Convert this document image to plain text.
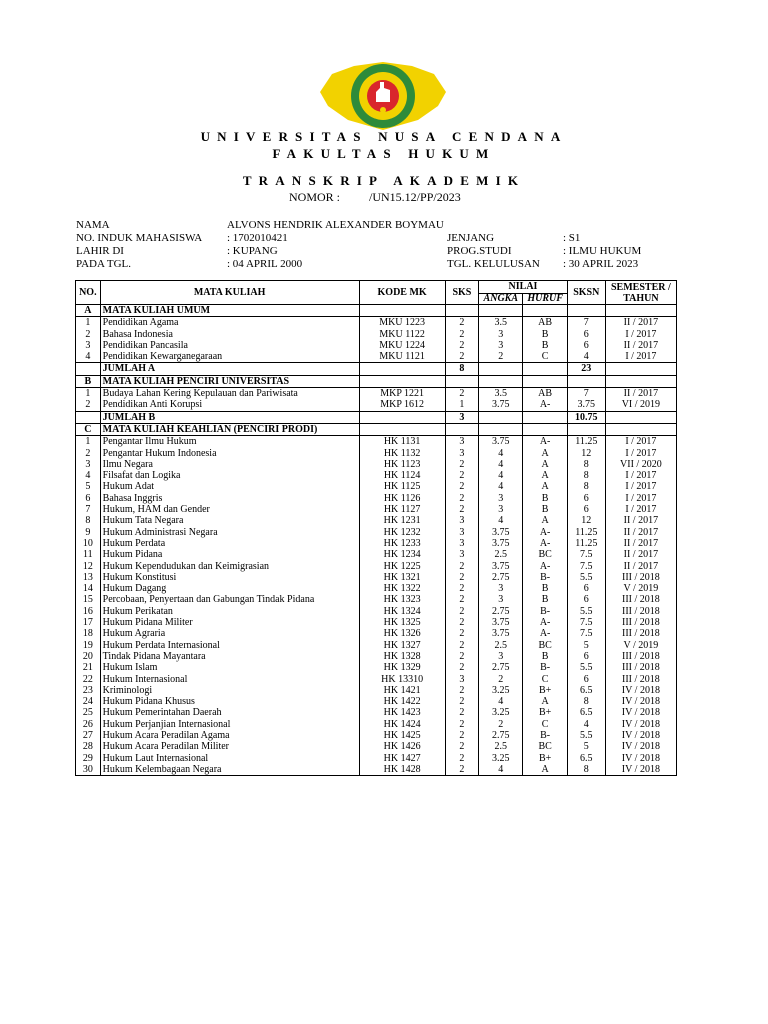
UNIVERSITAS NUSA CENDANA
FAKULTAS HUKUM
TRANSKRIP AKADEMIK
NOMOR : /UN15.12/PP/2023
NAMA	ALVONS HENDRIK ALEXANDER BOYMAU
NO. INDUK MAHASISWA : 1702010421	JENJANG	: S1
LAHIR DI	: KUPANG	PROG.STUDI	: ILMU HUKUM
PADA TGL.	: 04 APRIL 2000	TGL. KELULUSAN : 30 APRIL 2023
NO.	MATA KULIAH	KODE MK	SKS	NILAI		SKSN	SEMESTER / TAHUN
				ANGKA	HURUF		
A	MATA KULIAH UMUM						
1	Pendidikan Agama	MKU 1223	2	3.5	AB	7	II / 2017
2	Bahasa Indonesia	MKU 1122	2	3	B	6	I / 2017
3	Pendidikan Pancasila	MKU 1224	2	3	B	6	II / 2017
4	Pendidikan Kewarganegaraan	MKU 1121	2	2	C	4	I / 2017
	JUMLAH A		8			23	
B	MATA KULIAH PENCIRI UNIVERSITAS						
1	Budaya Lahan Kering Kepulauan dan Pariwisata	MKP 1221	2	3.5	AB	7	II / 2017
2	Pendidikan Anti Korupsi	MKP 1612	1	3.75	A-	3.75	VI / 2019
	JUMLAH B		3			10.75	
C	MATA KULIAH KEAHLIAN (PENCIRI PRODI)						
1	Pengantar Ilmu Hukum	HK 1131	3	3.75	A-	11.25	I / 2017
2	Pengantar Hukum Indonesia	HK 1132	3	4	A	12	I / 2017
3	Ilmu Negara	HK 1123	2	4	A	8	VII / 2020
4	Filsafat dan Logika	HK 1124	2	4	A	8	I / 2017
5	Hukum Adat	HK 1125	2	4	A	8	I / 2017
6	Bahasa Inggris	HK 1126	2	3	B	6	I / 2017
7	Hukum, HAM dan Gender	HK 1127	2	3	B	6	I / 2017
8	Hukum Tata Negara	HK 1231	3	4	A	12	II / 2017
9	Hukum Administrasi Negara	HK 1232	3	3.75	A-	11.25	II / 2017
10	Hukum Perdata	HK 1233	3	3.75	A-	11.25	II / 2017
11	Hukum Pidana	HK 1234	3	2.5	BC	7.5	II / 2017
12	Hukum Kependudukan dan Keimigrasian	HK 1225	2	3.75	A-	7.5	II / 2017
13	Hukum Konstitusi	HK 1321	2	2.75	B-	5.5	III / 2018
14	Hukum Dagang	HK 1322	2	3	B	6	V / 2019
15	Percobaan, Penyertaan dan Gabungan Tindak Pidana	HK 1323	2	3	B	6	III / 2018
16	Hukum Perikatan	HK 1324	2	2.75	B-	5.5	III / 2018
17	Hukum Pidana Militer	HK 1325	2	3.75	A-	7.5	III / 2018
18	Hukum Agraria	HK 1326	2	3.75	A-	7.5	III / 2018
19	Hukum Perdata Internasional	HK 1327	2	2.5	BC	5	V / 2019
20	Tindak Pidana Mayantara	HK 1328	2	3	B	6	III / 2018
21	Hukum Islam	HK 1329	2	2.75	B-	5.5	III / 2018
22	Hukum Internasional	HK 13310	3	2	C	6	III / 2018
23	Kriminologi	HK 1421	2	3.25	B+	6.5	IV / 2018
24	Hukum Pidana Khusus	HK 1422	2	4	A	8	IV / 2018
25	Hukum Pemerintahan Daerah	HK 1423	2	3.25	B+	6.5	IV / 2018
26	Hukum Perjanjian Internasional	HK 1424	2	2	C	4	IV / 2018
27	Hukum Acara Peradilan Agama	HK 1425	2	2.75	B-	5.5	IV / 2018
28	Hukum Acara Peradilan Militer	HK 1426	2	2.5	BC	5	IV / 2018
29	Hukum Laut Internasional	HK 1427	2	3.25	B+	6.5	IV / 2018
30	Hukum Kelembagaan Negara	HK 1428	2	4	A	8	IV / 2018
